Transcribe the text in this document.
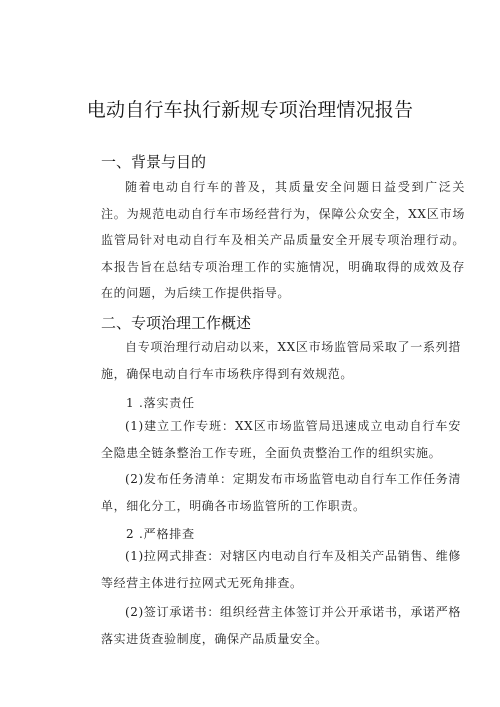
电动自行车执行新规专项治理情况报告
一、背景与目的
随着电动自行车的普及，其质量安全问题日益受到广泛关注。为规范电动自行车市场经营行为，保障公众安全，XX区市场监管局针对电动自行车及相关产品质量安全开展专项治理行动。本报告旨在总结专项治理工作的实施情况，明确取得的成效及存在的问题，为后续工作提供指导。
二、专项治理工作概述
自专项治理行动启动以来，XX区市场监管局采取了一系列措施，确保电动自行车市场秩序得到有效规范。
1 .落实责任
(1)建立工作专班：XX区市场监管局迅速成立电动自行车安全隐患全链条整治工作专班，全面负责整治工作的组织实施。
(2)发布任务清单：定期发布市场监管电动自行车工作任务清单，细化分工，明确各市场监管所的工作职责。
2 .严格排查
(1)拉网式排查：对辖区内电动自行车及相关产品销售、维修等经营主体进行拉网式无死角排查。
(2)签订承诺书：组织经营主体签订并公开承诺书，承诺严格落实进货查验制度，确保产品质量安全。
